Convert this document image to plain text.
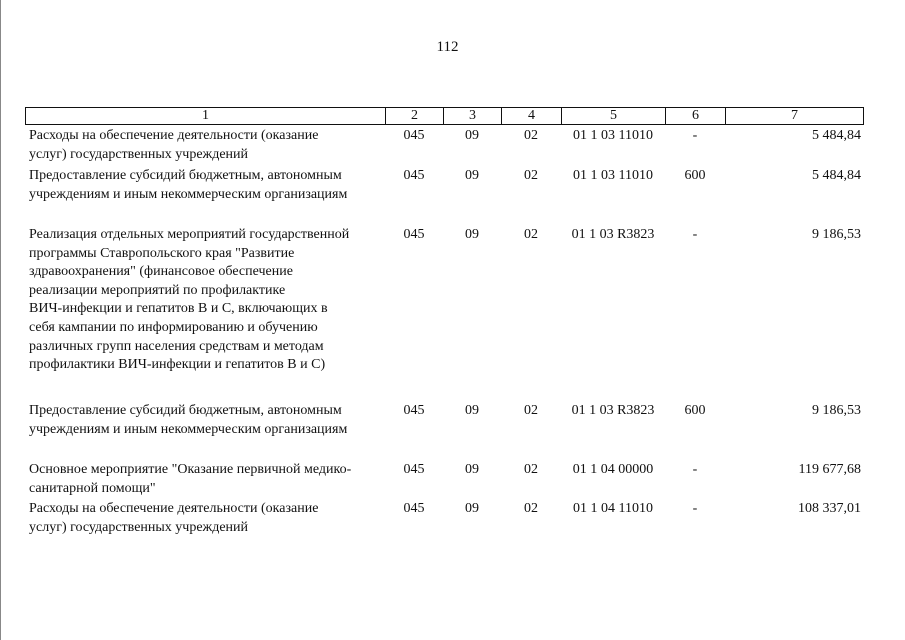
112
1	2	3	4	5	6	7
Расходы на обеспечение деятельности (оказание
услуг) государственных учреждений
045	09	02	01 1 03 11010	-	5 484,84
Предоставление субсидий бюджетным, автономным
учреждениям и иным некоммерческим организациям
045	09	02	01 1 03 11010	600	5 484,84
Реализация отдельных мероприятий государственной
программы Ставропольского края "Развитие
здравоохранения" (финансовое обеспечение
реализации мероприятий по профилактике
ВИЧ-инфекции и гепатитов В и С, включающих в
себя кампании по информированию и обучению
различных групп населения средствам и методам
профилактики ВИЧ-инфекции и гепатитов В и С)
045	09	02	01 1 03 R3823	-	9 186,53
Предоставление субсидий бюджетным, автономным
учреждениям и иным некоммерческим организациям
045	09	02	01 1 03 R3823	600	9 186,53
Основное мероприятие "Оказание первичной медико-
санитарной помощи"
045	09	02	01 1 04 00000	-	119 677,68
Расходы на обеспечение деятельности (оказание
услуг) государственных учреждений
045	09	02	01 1 04 11010	-	108 337,01
